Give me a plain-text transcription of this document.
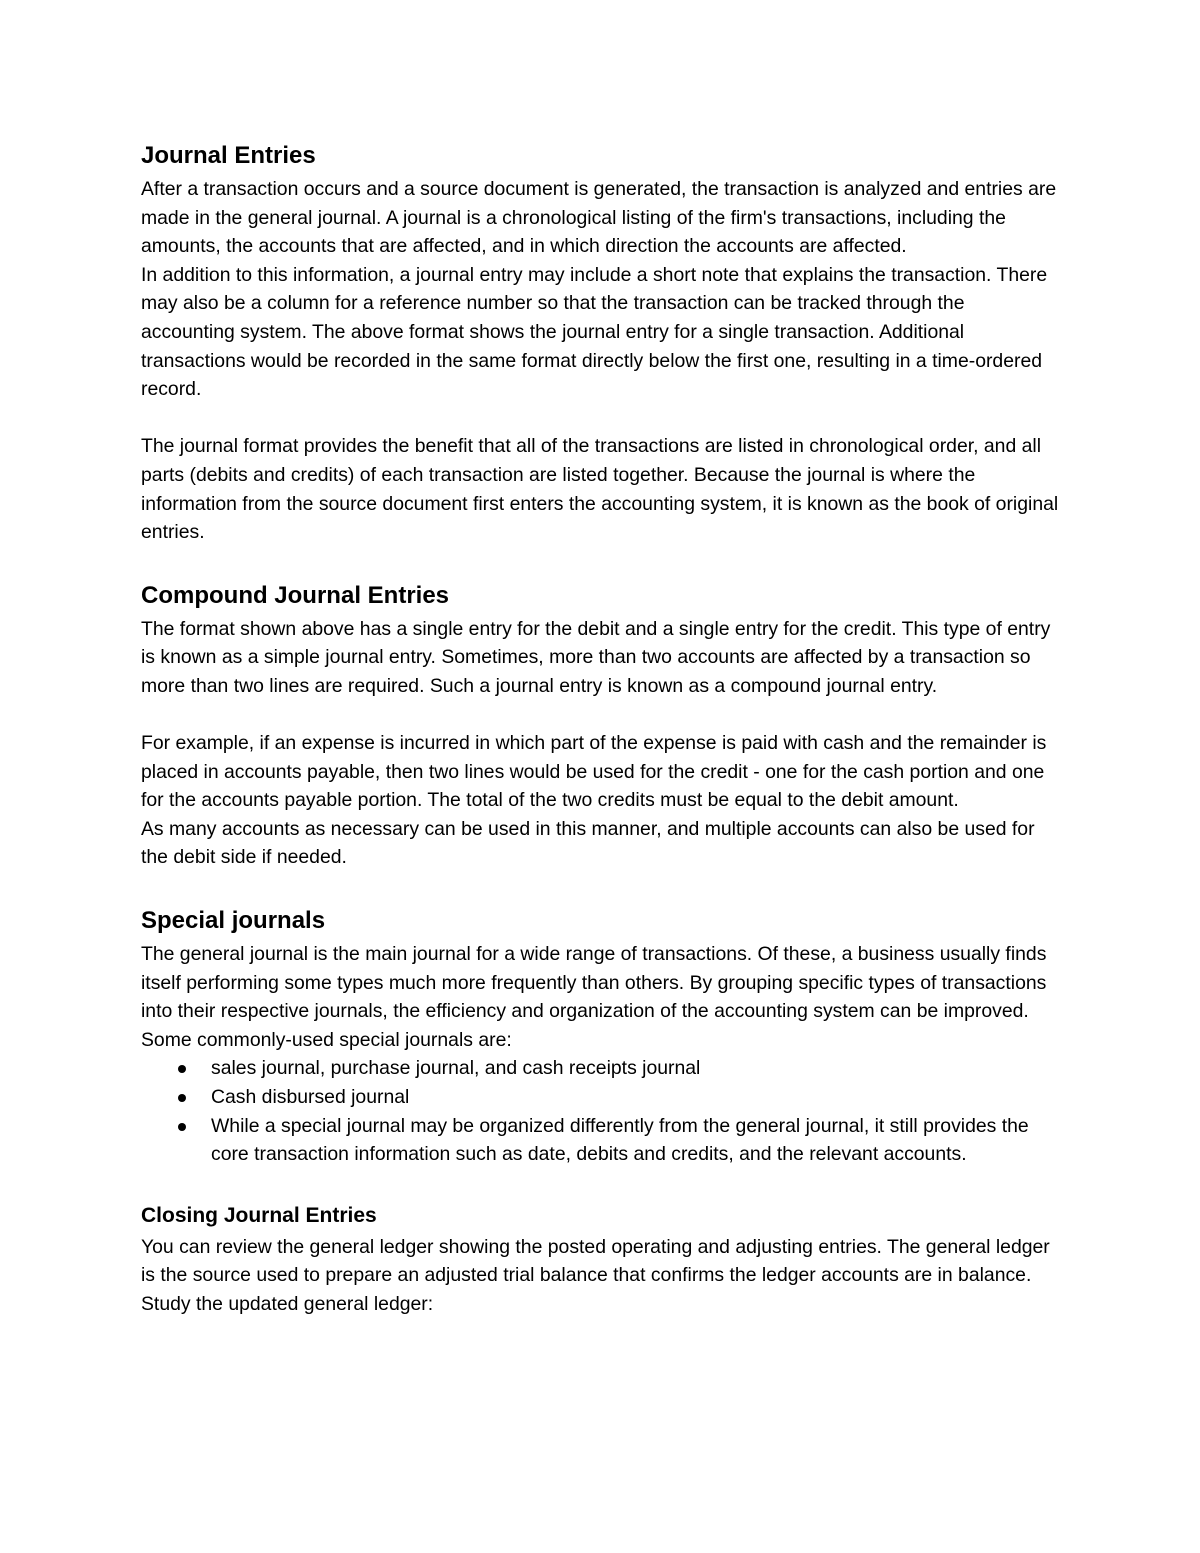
Journal Entries

After a transaction occurs and a source document is generated, the transaction is analyzed and entries are made in the general journal. A journal is a chronological listing of the firm's transactions, including the amounts, the accounts that are affected, and in which direction the accounts are affected.

In addition to this information, a journal entry may include a short note that explains the transaction. There may also be a column for a reference number so that the transaction can be tracked through the accounting system. The above format shows the journal entry for a single transaction. Additional transactions would be recorded in the same format directly below the first one, resulting in a time-ordered record.

The journal format provides the benefit that all of the transactions are listed in chronological order, and all parts (debits and credits) of each transaction are listed together. Because the journal is where the information from the source document first enters the accounting system, it is known as the book of original entries.

Compound Journal Entries

The format shown above has a single entry for the debit and a single entry for the credit. This type of entry is known as a simple journal entry. Sometimes, more than two accounts are affected by a transaction so more than two lines are required. Such a journal entry is known as a compound journal entry.

For example, if an expense is incurred in which part of the expense is paid with cash and the remainder is placed in accounts payable, then two lines would be used for the credit - one for the cash portion and one for the accounts payable portion. The total of the two credits must be equal to the debit amount.

As many accounts as necessary can be used in this manner, and multiple accounts can also be used for the debit side if needed.

Special journals

The general journal is the main journal for a wide range of transactions. Of these, a business usually finds itself performing some types much more frequently than others. By grouping specific types of transactions into their respective journals, the efficiency and organization of the accounting system can be improved. Some commonly-used special journals are:

sales journal, purchase journal, and cash receipts journal
Cash disbursed journal
While a special journal may be organized differently from the general journal, it still provides the core transaction information such as date, debits and credits, and the relevant accounts.
Closing Journal Entries

You can review the general ledger showing the posted operating and adjusting entries. The general ledger is the source used to prepare an adjusted trial balance that confirms the ledger accounts are in balance. Study the updated general ledger:
